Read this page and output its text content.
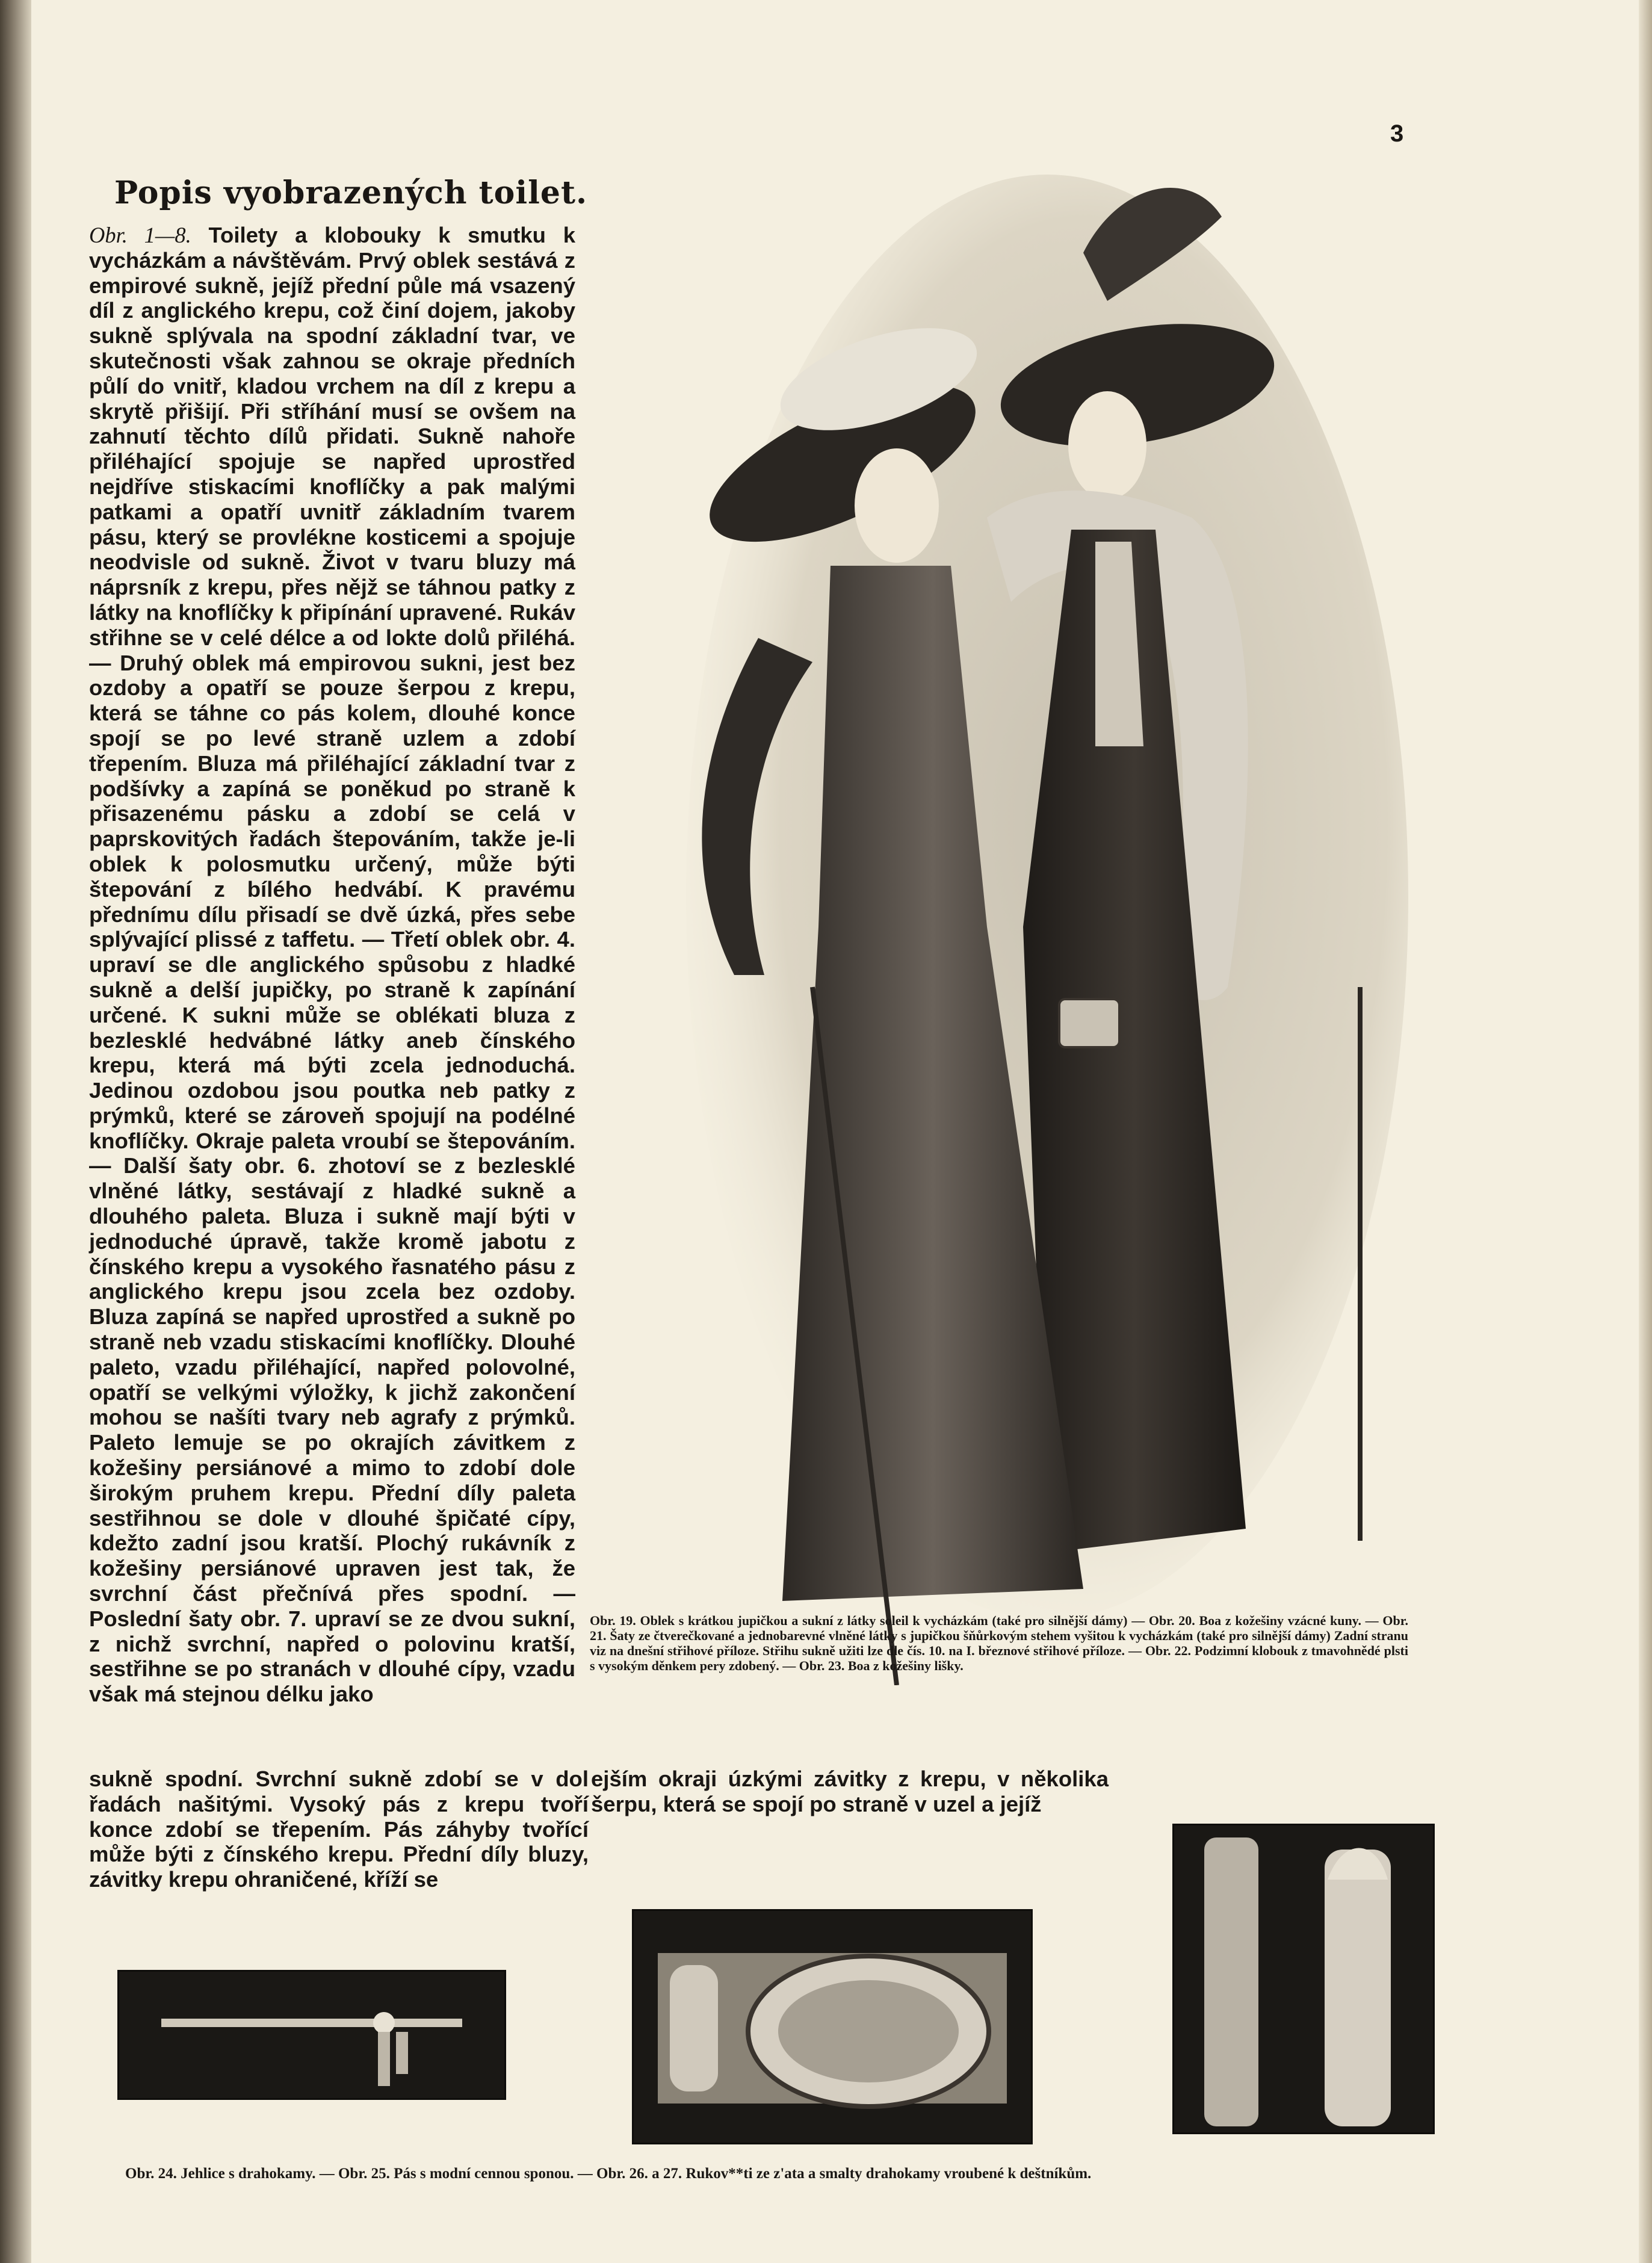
3
Popis vyobrazených toilet.

Obr. 1—8. Toilety a klobouky k smutku k vycházkám a návštěvám. Prvý oblek sestává z empirové sukně, jejíž přední půle má vsazený díl z anglického krepu, což činí dojem, jakoby sukně splývala na spodní základní tvar, ve skutečnosti však zahnou se okraje předních půlí do vnitř, kladou vrchem na díl z krepu a skrytě přišijí. Při stříhání musí se ovšem na zahnutí těchto dílů přidati. Sukně nahoře přiléhající spojuje se napřed uprostřed nejdříve stiskacími knoflíčky a pak malými patkami a opatří uvnitř základním tvarem pásu, který se provlékne kosticemi a spojuje neodvisle od sukně. Život v tvaru bluzy má náprsník z krepu, přes nějž se táhnou patky z látky na knoflíčky k připínání upravené. Rukáv střihne se v celé délce a od lokte dolů přiléhá. — Druhý oblek má empirovou sukni, jest bez ozdoby a opatří se pouze šerpou z krepu, která se táhne co pás kolem, dlouhé konce spojí se po levé straně uzlem a zdobí třepením. Bluza má přiléhající základní tvar z podšívky a zapíná se poněkud po straně k přisazenému pásku a zdobí se celá v paprskovitých řadách štepováním, takže je-li oblek k polosmutku určený, může býti štepování z bílého hedvábí. K pravému přednímu dílu přisadí se dvě úzká, přes sebe splývající plissé z taffetu. — Třetí oblek obr. 4. upraví se dle anglického spůsobu z hladké sukně a delší jupičky, po straně k zapínání určené. K sukni může se oblékati bluza z bezlesklé hedvábné látky aneb čínského krepu, která má býti zcela jednoduchá. Jedinou ozdobou jsou poutka neb patky z prýmků, které se zároveň spojují na podélné knoflíčky. Okraje paleta vroubí se štepováním. — Další šaty obr. 6. zhotoví se z bezlesklé vlněné látky, sestávají z hladké sukně a dlouhého paleta. Bluza i sukně mají býti v jednoduché úpravě, takže kromě jabotu z čínského krepu a vysokého řasnatého pásu z anglického krepu jsou zcela bez ozdoby. Bluza zapíná se napřed uprostřed a sukně po straně neb vzadu stiskacími knoflíčky. Dlouhé paleto, vzadu přiléhající, napřed polovolné, opatří se velkými výložky, k jichž zakončení mohou se našíti tvary neb agrafy z prýmků. Paleto lemuje se po okrajích závitkem z kožešiny persiánové a mimo to zdobí dole širokým pruhem krepu. Přední díly paleta sestřihnou se dole v dlouhé špičaté cípy, kdežto zadní jsou kratší. Plochý rukávník z kožešiny persiánové upraven jest tak, že svrchní část přečnívá přes spodní. — Poslední šaty obr. 7. upraví se ze dvou sukní, z nichž svrchní, napřed o polovinu kratší, sestřihne se po stranách v dlouhé cípy, vzadu však má stejnou délku jako

Obr. 19. Oblek s krátkou jupičkou a sukní z látky soleil k vycházkám (také pro silnější dámy) — Obr. 20. Boa z kožešiny vzácné kuny. — Obr. 21. Šaty ze čtverečkované a jednobarevné vlněné látky s jupičkou šňůrkovým stehem vyšitou k vycházkám (také pro silnější dámy) Zadní stranu viz na dnešní střihové příloze. Střihu sukně užiti lze dle čís. 10. na I. březnové střihové příloze. — Obr. 22. Podzimní klobouk z tmavohnědé plsti s vysokým děnkem pery zdobený. — Obr. 23. Boa z kožešiny lišky.

sukně spodní. Svrchní sukně zdobí se v dol řadách našitými. Vysoký pás z krepu tvoří konce zdobí se třepením. Pás záhyby tvořící může býti z čínského krepu. Přední díly bluzy, závitky krepu ohraničené, kříží se

ejším okraji úzkými závitky z krepu, v několika šerpu, která se spojí po straně v uzel a jejíž

Obr. 24. Jehlice s drahokamy. — Obr. 25. Pás s modní cennou sponou. — Obr. 26. a 27. Rukov**ti ze z'ata a smalty drahokamy vroubené k deštníkům.
